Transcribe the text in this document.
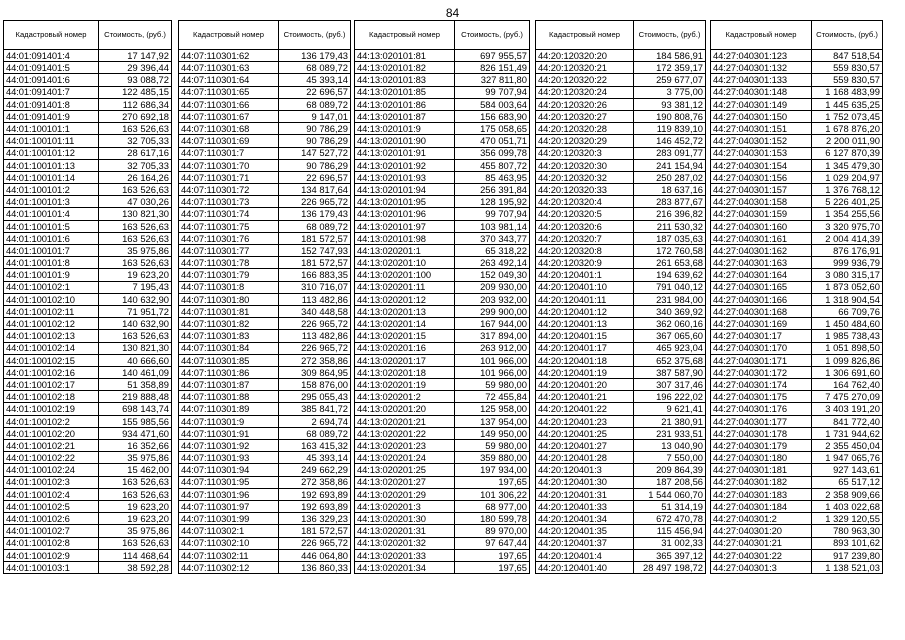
84
Кадастровый номер	Стоимость, (руб.)
44:01:091401:4	17 147,92
44:01:091401:5	29 396,44
44:01:091401:6	93 088,72
44:01:091401:7	122 485,15
44:01:091401:8	112 686,34
44:01:091401:9	270 692,18
44:01:100101:1	163 526,63
44:01:100101:11	32 705,33
44:01:100101:12	28 617,16
44:01:100101:13	32 705,33
44:01:100101:14	26 164,26
44:01:100101:2	163 526,63
44:01:100101:3	47 030,26
44:01:100101:4	130 821,30
44:01:100101:5	163 526,63
44:01:100101:6	163 526,63
44:01:100101:7	35 975,86
44:01:100101:8	163 526,63
44:01:100101:9	19 623,20
44:01:100102:1	7 195,43
44:01:100102:10	140 632,90
44:01:100102:11	71 951,72
44:01:100102:12	140 632,90
44:01:100102:13	163 526,63
44:01:100102:14	130 821,30
44:01:100102:15	40 666,60
44:01:100102:16	140 461,09
44:01:100102:17	51 358,89
44:01:100102:18	219 888,48
44:01:100102:19	698 143,74
44:01:100102:2	155 985,56
44:01:100102:20	934 471,60
44:01:100102:21	16 352,66
44:01:100102:22	35 975,86
44:01:100102:24	15 462,00
44:01:100102:3	163 526,63
44:01:100102:4	163 526,63
44:01:100102:5	19 623,20
44:01:100102:6	19 623,20
44:01:100102:7	35 975,86
44:01:100102:8	163 526,63
44:01:100102:9	114 468,64
44:01:100103:1	38 592,28
Кадастровый номер	Стоимость, (руб.)
44:07:110301:62	136 179,43
44:07:110301:63	68 089,72
44:07:110301:64	45 393,14
44:07:110301:65	22 696,57
44:07:110301:66	68 089,72
44:07:110301:67	9 147,01
44:07:110301:68	90 786,29
44:07:110301:69	90 786,29
44:07:110301:7	147 527,72
44:07:110301:70	90 786,29
44:07:110301:71	22 696,57
44:07:110301:72	134 817,64
44:07:110301:73	226 965,72
44:07:110301:74	136 179,43
44:07:110301:75	68 089,72
44:07:110301:76	181 572,57
44:07:110301:77	152 747,93
44:07:110301:78	181 572,57
44:07:110301:79	166 883,35
44:07:110301:8	310 716,07
44:07:110301:80	113 482,86
44:07:110301:81	340 448,58
44:07:110301:82	226 965,72
44:07:110301:83	113 482,86
44:07:110301:84	226 965,72
44:07:110301:85	272 358,86
44:07:110301:86	309 864,95
44:07:110301:87	158 876,00
44:07:110301:88	295 055,43
44:07:110301:89	385 841,72
44:07:110301:9	2 694,74
44:07:110301:91	68 089,72
44:07:110301:92	163 415,32
44:07:110301:93	45 393,14
44:07:110301:94	249 662,29
44:07:110301:95	272 358,86
44:07:110301:96	192 693,89
44:07:110301:97	192 693,89
44:07:110301:99	136 329,23
44:07:110302:1	181 572,57
44:07:110302:10	226 965,72
44:07:110302:11	446 064,80
44:07:110302:12	136 860,33
Кадастровый номер	Стоимость, (руб.)
44:13:020101:81	697 955,57
44:13:020101:82	826 151,49
44:13:020101:83	327 811,80
44:13:020101:85	99 707,94
44:13:020101:86	584 003,64
44:13:020101:87	156 683,90
44:13:020101:9	175 058,65
44:13:020101:90	470 051,71
44:13:020101:91	356 099,78
44:13:020101:92	455 807,72
44:13:020101:93	85 463,95
44:13:020101:94	256 391,84
44:13:020101:95	128 195,92
44:13:020101:96	99 707,94
44:13:020101:97	103 981,14
44:13:020101:98	370 343,77
44:13:020201:1	65 318,22
44:13:020201:10	263 492,14
44:13:020201:100	152 049,30
44:13:020201:11	209 930,00
44:13:020201:12	203 932,00
44:13:020201:13	299 900,00
44:13:020201:14	167 944,00
44:13:020201:15	317 894,00
44:13:020201:16	263 912,00
44:13:020201:17	101 966,00
44:13:020201:18	101 966,00
44:13:020201:19	59 980,00
44:13:020201:2	72 455,84
44:13:020201:20	125 958,00
44:13:020201:21	137 954,00
44:13:020201:22	149 950,00
44:13:020201:23	59 980,00
44:13:020201:24	359 880,00
44:13:020201:25	197 934,00
44:13:020201:27	197,65
44:13:020201:29	101 306,22
44:13:020201:3	68 977,00
44:13:020201:30	180 599,78
44:13:020201:31	89 970,00
44:13:020201:32	97 647,44
44:13:020201:33	197,65
44:13:020201:34	197,65
Кадастровый номер	Стоимость, (руб.)
44:20:120320:20	184 586,91
44:20:120320:21	172 359,17
44:20:120320:22	259 677,07
44:20:120320:24	3 775,00
44:20:120320:26	93 381,12
44:20:120320:27	190 808,76
44:20:120320:28	119 839,10
44:20:120320:29	146 452,72
44:20:120320:3	283 091,77
44:20:120320:30	241 154,94
44:20:120320:32	250 287,02
44:20:120320:33	18 637,16
44:20:120320:4	283 877,67
44:20:120320:5	216 396,82
44:20:120320:6	211 530,32
44:20:120320:7	187 035,63
44:20:120320:8	172 760,58
44:20:120320:9	261 653,68
44:20:120401:1	194 639,62
44:20:120401:10	791 040,12
44:20:120401:11	231 984,00
44:20:120401:12	340 369,92
44:20:120401:13	362 060,16
44:20:120401:15	367 065,60
44:20:120401:17	465 923,04
44:20:120401:18	652 375,68
44:20:120401:19	387 587,90
44:20:120401:20	307 317,46
44:20:120401:21	196 222,02
44:20:120401:22	9 621,41
44:20:120401:23	21 380,91
44:20:120401:25	231 933,51
44:20:120401:27	13 040,90
44:20:120401:28	7 550,00
44:20:120401:3	209 864,39
44:20:120401:30	187 208,56
44:20:120401:31	1 544 060,70
44:20:120401:33	51 314,19
44:20:120401:34	672 470,78
44:20:120401:35	115 456,94
44:20:120401:37	31 002,33
44:20:120401:4	365 397,12
44:20:120401:40	28 497 198,72
Кадастровый номер	Стоимость, (руб.)
44:27:040301:123	847 518,54
44:27:040301:132	559 830,57
44:27:040301:133	559 830,57
44:27:040301:148	1 168 483,99
44:27:040301:149	1 445 635,25
44:27:040301:150	1 752 073,45
44:27:040301:151	1 678 876,20
44:27:040301:152	2 200 011,90
44:27:040301:153	6 127 870,39
44:27:040301:154	1 345 479,30
44:27:040301:156	1 029 204,97
44:27:040301:157	1 376 768,12
44:27:040301:158	5 226 401,25
44:27:040301:159	1 354 255,56
44:27:040301:160	3 320 975,70
44:27:040301:161	2 004 414,39
44:27:040301:162	876 176,91
44:27:040301:163	999 936,79
44:27:040301:164	3 080 315,17
44:27:040301:165	1 873 052,60
44:27:040301:166	1 318 904,54
44:27:040301:168	66 709,76
44:27:040301:169	1 450 484,60
44:27:040301:17	1 985 738,43
44:27:040301:170	1 051 898,50
44:27:040301:171	1 099 826,86
44:27:040301:172	1 306 691,60
44:27:040301:174	164 762,40
44:27:040301:175	7 475 270,09
44:27:040301:176	3 403 191,20
44:27:040301:177	841 772,40
44:27:040301:178	1 731 944,62
44:27:040301:179	2 355 450,04
44:27:040301:180	1 947 065,76
44:27:040301:181	927 143,61
44:27:040301:182	65 517,12
44:27:040301:183	2 358 909,66
44:27:040301:184	1 403 022,68
44:27:040301:2	1 329 120,55
44:27:040301:20	780 963,30
44:27:040301:21	893 101,62
44:27:040301:22	917 239,80
44:27:040301:3	1 138 521,03
